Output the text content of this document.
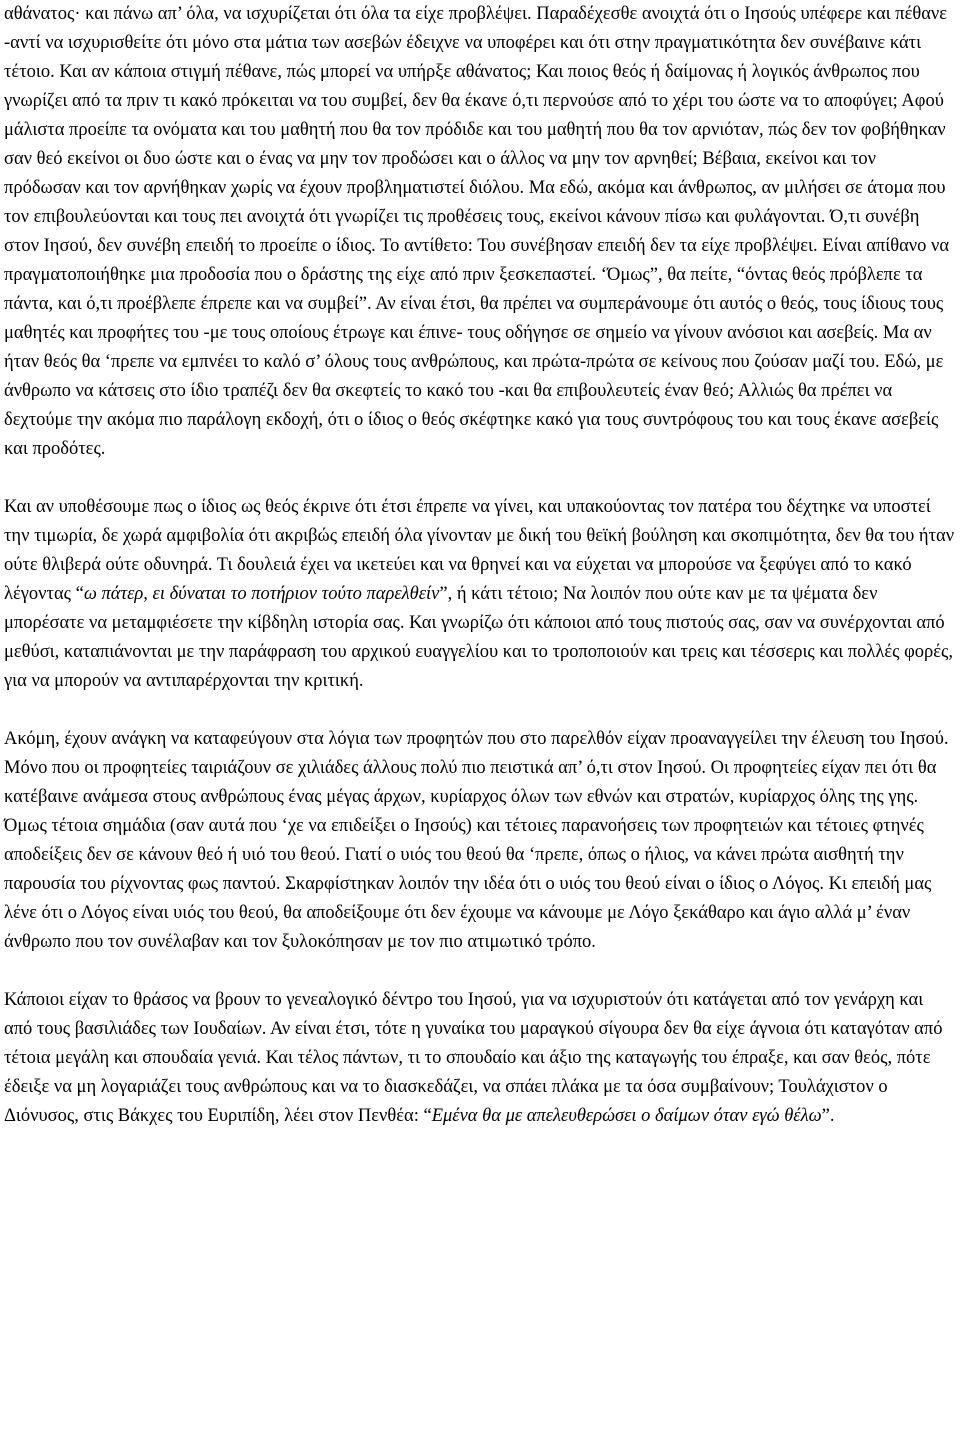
αθάνατος· και πάνω απ’ όλα, να ισχυρίζεται ότι όλα τα είχε προβλέψει. Παραδέχεσθε ανοιχτά ότι ο Ιησούς υπέφερε και πέθανε -αντί να ισχυρισθείτε ότι μόνο στα μάτια των ασεβών έδειχνε να υποφέρει και ότι στην πραγματικότητα δεν συνέβαινε κάτι τέτοιο. Και αν κάποια στιγμή πέθανε, πώς μπορεί να υπήρξε αθάνατος; Και ποιος θεός ή δαίμονας ή λογικός άνθρωπος που γνωρίζει από τα πριν τι κακό πρόκειται να του συμβεί, δεν θα έκανε ό,τι περνούσε από το χέρι του ώστε να το αποφύγει; Αφού μάλιστα προείπε τα ονόματα και του μαθητή που θα τον πρόδιδε και του μαθητή που θα τον αρνιόταν, πώς δεν τον φοβήθηκαν σαν θεό εκείνοι οι δυο ώστε και ο ένας να μην τον προδώσει και ο άλλος να μην τον αρνηθεί; Βέβαια, εκείνοι και τον πρόδωσαν και τον αρνήθηκαν χωρίς να έχουν προβληματιστεί διόλου. Μα εδώ, ακόμα και άνθρωπος, αν μιλήσει σε άτομα που τον επιβουλεύονται και τους πει ανοιχτά ότι γνωρίζει τις προθέσεις τους, εκείνοι κάνουν πίσω και φυλάγονται. Ό,τι συνέβη στον Ιησού, δεν συνέβη επειδή το προείπε ο ίδιος. Το αντίθετο: Του συνέβησαν επειδή δεν τα είχε προβλέψει. Είναι απίθανο να πραγματοποιήθηκε μια προδοσία που ο δράστης της είχε από πριν ξεσκεπαστεί. ‘Όμως”, θα πείτε, “όντας θεός πρόβλεπε τα πάντα, και ό,τι προέβλεπε έπρεπε και να συμβεί”. Αν είναι έτσι, θα πρέπει να συμπεράνουμε ότι αυτός ο θεός, τους ίδιους τους μαθητές και προφήτες του -με τους οποίους έτρωγε και έπινε- τους οδήγησε σε σημείο να γίνουν ανόσιοι και ασεβείς. Μα αν ήταν θεός θα ‘πρεπε να εμπνέει το καλό σ’ όλους τους ανθρώπους, και πρώτα-πρώτα σε κείνους που ζούσαν μαζί του. Εδώ, με άνθρωπο να κάτσεις στο ίδιο τραπέζι δεν θα σκεφτείς το κακό του -και θα επιβουλευτείς έναν θεό; Αλλιώς θα πρέπει να δεχτούμε την ακόμα πιο παράλογη εκδοχή, ότι ο ίδιος ο θεός σκέφτηκε κακό για τους συντρόφους του και τους έκανε ασεβείς και προδότες.

Και αν υποθέσουμε πως ο ίδιος ως θεός έκρινε ότι έτσι έπρεπε να γίνει, και υπακούοντας τον πατέρα του δέχτηκε να υποστεί την τιμωρία, δε χωρά αμφιβολία ότι ακριβώς επειδή όλα γίνονταν με δική του θεϊκή βούληση και σκοπιμότητα, δεν θα του ήταν ούτε θλιβερά ούτε οδυνηρά. Τι δουλειά έχει να ικετεύει και να θρηνεί και να εύχεται να μπορούσε να ξεφύγει από το κακό λέγοντας “ω πάτερ, ει δύναται το ποτήριον τούτο παρελθείν”, ή κάτι τέτοιο; Να λοιπόν που ούτε καν με τα ψέματα δεν μπορέσατε να μεταμφιέσετε την κίβδηλη ιστορία σας. Και γνωρίζω ότι κάποιοι από τους πιστούς σας, σαν να συνέρχονται από μεθύσι, καταπιάνονται με την παράφραση του αρχικού ευαγγελίου και το τροποποιούν και τρεις και τέσσερις και πολλές φορές, για να μπορούν να αντιπαρέρχονται την κριτική.

Ακόμη, έχουν ανάγκη να καταφεύγουν στα λόγια των προφητών που στο παρελθόν είχαν προαναγγείλει την έλευση του Ιησού. Μόνο που οι προφητείες ταιριάζουν σε χιλιάδες άλλους πολύ πιο πειστικά απ’ ό,τι στον Ιησού. Οι προφητείες είχαν πει ότι θα κατέβαινε ανάμεσα στους ανθρώπους ένας μέγας άρχων, κυρίαρχος όλων των εθνών και στρατών, κυρίαρχος όλης της γης. Όμως τέτοια σημάδια (σαν αυτά που ‘χε να επιδείξει ο Ιησούς) και τέτοιες παρανοήσεις των προφητειών και τέτοιες φτηνές αποδείξεις δεν σε κάνουν θεό ή υιό του θεού. Γιατί ο υιός του θεού θα ‘πρεπε, όπως ο ήλιος, να κάνει πρώτα αισθητή την παρουσία του ρίχνοντας φως παντού. Σκαρφίστηκαν λοιπόν την ιδέα ότι ο υιός του θεού είναι ο ίδιος ο Λόγος. Κι επειδή μας λένε ότι ο Λόγος είναι υιός του θεού, θα αποδείξουμε ότι δεν έχουμε να κάνουμε με Λόγο ξεκάθαρο και άγιο αλλά μ’ έναν άνθρωπο που τον συνέλαβαν και τον ξυλοκόπησαν με τον πιο ατιμωτικό τρόπο.

Κάποιοι είχαν το θράσος να βρουν το γενεαλογικό δέντρο του Ιησού, για να ισχυριστούν ότι κατάγεται από τον γενάρχη και από τους βασιλιάδες των Ιουδαίων. Αν είναι έτσι, τότε η γυναίκα του μαραγκού σίγουρα δεν θα είχε άγνοια ότι καταγόταν από τέτοια μεγάλη και σπουδαία γενιά. Και τέλος πάντων, τι το σπουδαίο και άξιο της καταγωγής του έπραξε, και σαν θεός, πότε έδειξε να μη λογαριάζει τους ανθρώπους και να το διασκεδάζει, να σπάει πλάκα με τα όσα συμβαίνουν; Τουλάχιστον ο Διόνυσος, στις Βάκχες του Ευριπίδη, λέει στον Πενθέα: “Εμένα θα με απελευθερώσει ο δαίμων όταν εγώ θέλω”.
